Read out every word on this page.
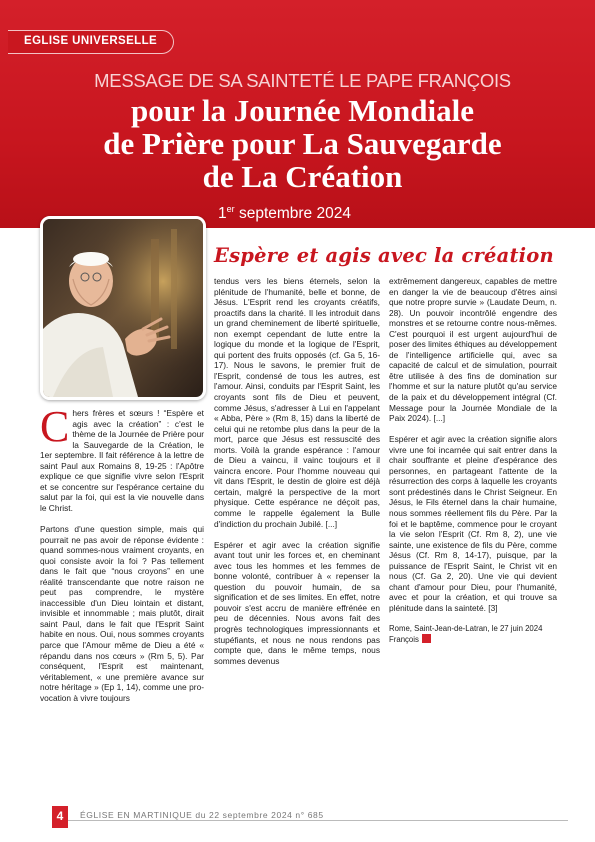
EGLISE UNIVERSELLE
MESSAGE DE SA SAINTETÉ LE PAPE FRANÇOIS
pour la Journée Mondiale
de Prière pour La Sauvegarde
de La Création
1er septembre 2024
Espère et agis avec la création

Chers frères et sœurs ! “Espère et agis avec la création” : c'est le thème de la Journée de Prière pour la Sauvegarde de la Création, le 1er septembre. Il fait référence à la lettre de saint Paul aux Romains 8, 19-25 : l'Apôtre explique ce que signifie vivre selon l'Esprit et se concentre sur l'espérance certaine du salut par la foi, qui est la vie nouvelle dans le Christ.

Partons d'une question simple, mais qui pourrait ne pas avoir de réponse évidente : quand sommes-nous vraiment croyants, en quoi consiste avoir la foi ? Pas tellement dans le fait que “nous croyons” en une réalité transcendante que notre raison ne peut pas comprendre, le mystère inaccessible d'un Dieu lointain et distant, invisible et innommable ; mais plutôt, dirait saint Paul, dans le fait que l'Esprit Saint habite en nous. Oui, nous sommes croyants parce que l'Amour même de Dieu a été « répandu dans nos cœurs » (Rm 5, 5). Par conséquent, l'Esprit est maintenant, véritablement, « une première avance sur notre héritage » (Ep 1, 14), comme une pro-vocation à vivre toujours

tendus vers les biens éternels, selon la plénitude de l'humanité, belle et bonne, de Jésus. L'Esprit rend les croyants créatifs, proactifs dans la charité. Il les introduit dans un grand cheminement de liberté spirituelle, non exempt cependant de lutte entre la logique du monde et la logique de l'Esprit, qui portent des fruits opposés (cf. Ga 5, 16-17). Nous le savons, le premier fruit de l'Esprit, condensé de tous les autres, est l'amour. Ainsi, conduits par l'Esprit Saint, les croyants sont fils de Dieu et peuvent, comme Jésus, s'adresser à Lui en l'appelant « Abba, Père » (Rm 8, 15) dans la liberté de celui qui ne retombe plus dans la peur de la mort, parce que Jésus est ressuscité des morts. Voilà la grande espérance : l'amour de Dieu a vaincu, il vainc toujours et il vaincra encore. Pour l'homme nouveau qui vit dans l'Esprit, le destin de gloire est déjà certain, malgré la perspective de la mort physique. Cette espérance ne déçoit pas, comme le rappelle également la Bulle d'indiction du prochain Jubilé. [...]

Espérer et agir avec la création signifie avant tout unir les forces et, en cheminant avec tous les hommes et les femmes de bonne volonté, contribuer à « repenser la question du pouvoir humain, de sa signification et de ses limites. En effet, notre pouvoir s'est accru de manière effrénée en peu de décennies. Nous avons fait des progrès technologiques impressionnants et stupéfiants, et nous ne nous rendons pas compte que, dans le même temps, nous sommes devenus

extrêmement dangereux, capables de mettre en danger la vie de beaucoup d'êtres ainsi que notre propre survie » (Laudate Deum, n. 28). Un pouvoir incontrôlé engendre des monstres et se retourne contre nous-mêmes. C'est pourquoi il est urgent aujourd'hui de poser des limites éthiques au développement de l'intelligence artificielle qui, avec sa capacité de calcul et de simulation, pourrait être utilisée à des fins de domination sur l'homme et sur la nature plutôt qu'au service de la paix et du développement intégral (Cf. Message pour la Journée Mondiale de la Paix 2024). [...]

Espérer et agir avec la création signifie alors vivre une foi incarnée qui sait entrer dans la chair souffrante et pleine d'espérance des personnes, en partageant l'attente de la résurrection des corps à laquelle les croyants sont prédestinés dans le Christ Seigneur. En Jésus, le Fils éternel dans la chair humaine, nous sommes réellement fils du Père. Par la foi et le baptême, commence pour le croyant la vie selon l'Esprit (Cf. Rm 8, 2), une vie sainte, une existence de fils du Père, comme Jésus (Cf. Rm 8, 14-17), puisque, par la puissance de l'Esprit Saint, le Christ vit en nous (Cf. Ga 2, 20). Une vie qui devient chant d'amour pour Dieu, pour l'humanité, avec et pour la création, et qui trouve sa plénitude dans la sainteté. [3]

Rome, Saint-Jean-de-Latran, le 27 juin 2024
François
4	ÉGLISE EN MARTINIQUE du 22 septembre 2024 n° 685
